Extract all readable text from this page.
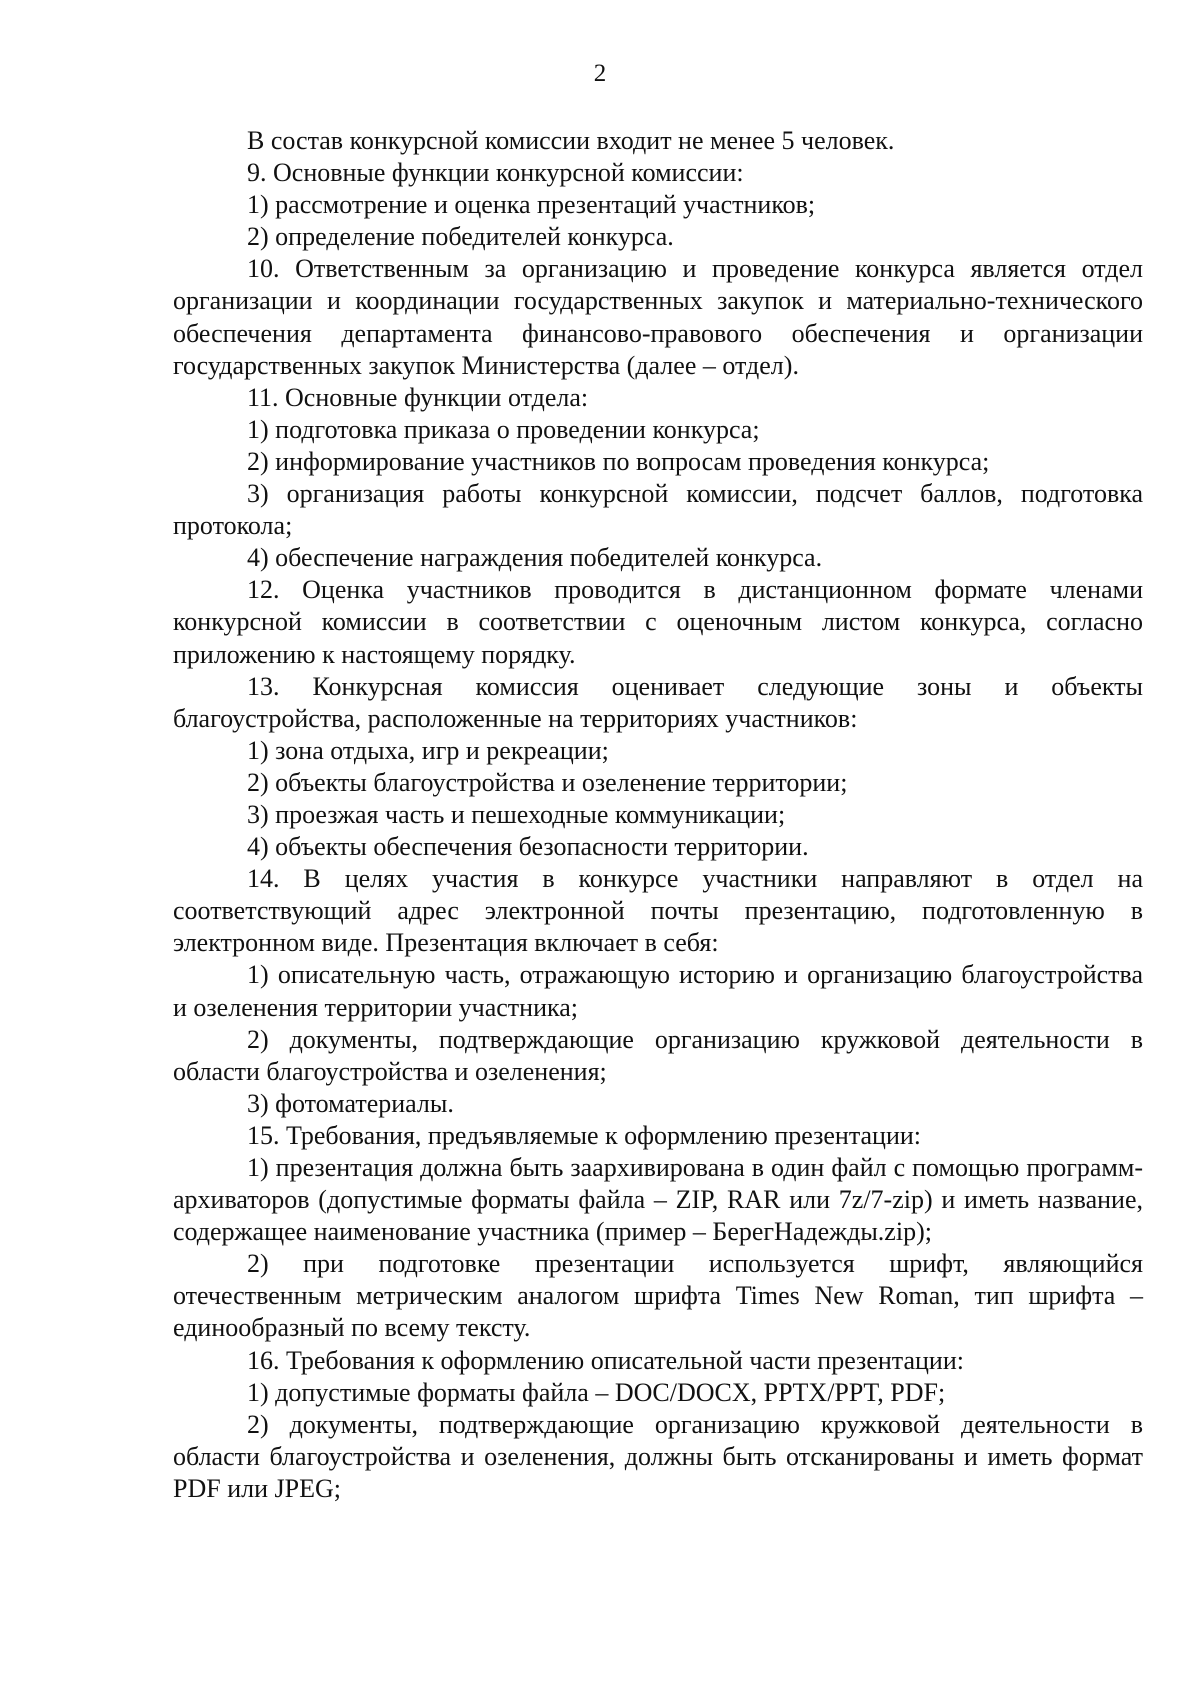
2

В состав конкурсной комиссии входит не менее 5 человек.

9. Основные функции конкурсной комиссии:

1) рассмотрение и оценка презентаций участников;

2) определение победителей конкурса.

10. Ответственным за организацию и проведение конкурса является отдел организации и координации государственных закупок и материально-технического обеспечения департамента финансово-правового обеспечения и организации государственных закупок Министерства (далее – отдел).

11. Основные функции отдела:

1) подготовка приказа о проведении конкурса;

2) информирование участников по вопросам проведения конкурса;

3) организация работы конкурсной комиссии, подсчет баллов, подготовка протокола;

4) обеспечение награждения победителей конкурса.

12. Оценка участников проводится в дистанционном формате членами конкурсной комиссии в соответствии с оценочным листом конкурса, согласно приложению к настоящему порядку.

13. Конкурсная комиссия оценивает следующие зоны и объекты благоустройства, расположенные на территориях участников:

1) зона отдыха, игр и рекреации;

2) объекты благоустройства и озеленение территории;

3) проезжая часть и пешеходные коммуникации;

4) объекты обеспечения безопасности территории.

14. В целях участия в конкурсе участники направляют в отдел на соответствующий адрес электронной почты презентацию, подготовленную в электронном виде. Презентация включает в себя:

1) описательную часть, отражающую историю и организацию благоустройства и озеленения территории участника;

2) документы, подтверждающие организацию кружковой деятельности в области благоустройства и озеленения;

3) фотоматериалы.

15. Требования, предъявляемые к оформлению презентации:

1) презентация должна быть заархивирована в один файл с помощью программ-архиваторов (допустимые форматы файла – ZIP, RAR или 7z/7-zip) и иметь название, содержащее наименование участника (пример – БерегНадежды.zip);

2) при подготовке презентации используется шрифт, являющийся отечественным метрическим аналогом шрифта Times New Roman, тип шрифта – единообразный по всему тексту.

16. Требования к оформлению описательной части презентации:

1) допустимые форматы файла – DOC/DOCX, PPTX/PPT, PDF;

2) документы, подтверждающие организацию кружковой деятельности в области благоустройства и озеленения, должны быть отсканированы и иметь формат PDF или JPEG;
